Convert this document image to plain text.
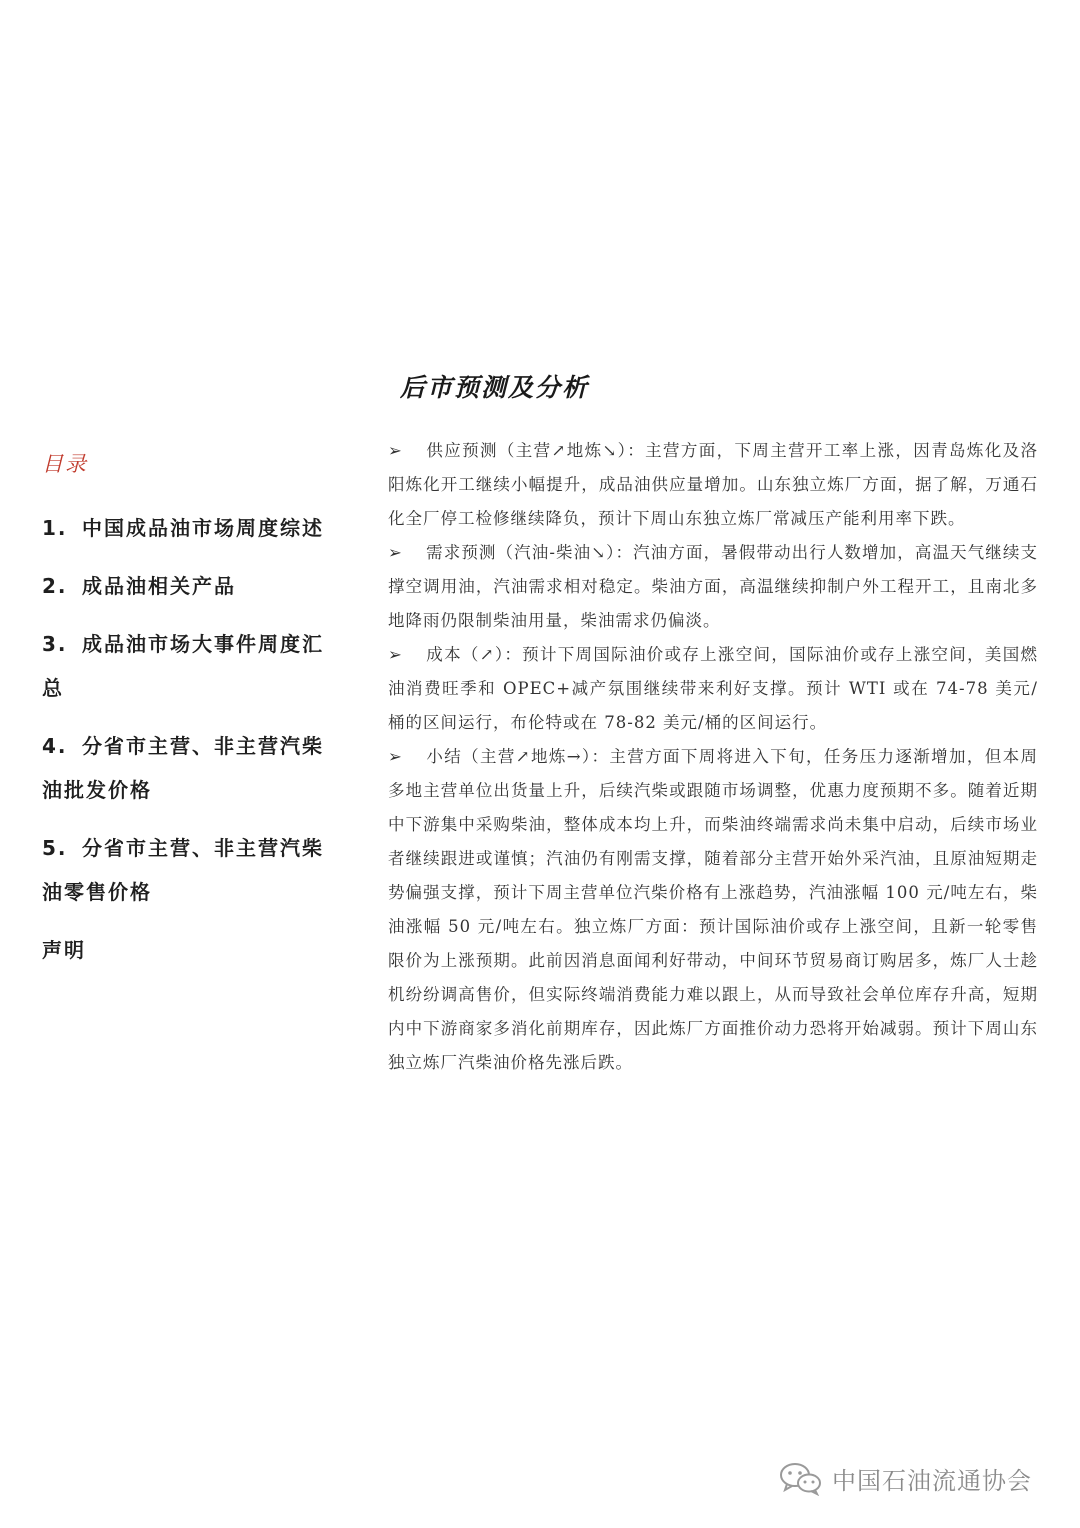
后市预测及分析

目录

1. 中国成品油市场周度综述
2. 成品油相关产品
3. 成品油市场大事件周度汇总
4. 分省市主营、非主营汽柴油批发价格
5. 分省市主营、非主营汽柴油零售价格
声明

➢ 供应预测（主营↗地炼↘）：主营方面，下周主营开工率上涨，因青岛炼化及洛阳炼化开工继续小幅提升，成品油供应量增加。山东独立炼厂方面，据了解，万通石化全厂停工检修继续降负，预计下周山东独立炼厂常减压产能利用率下跌。

➢ 需求预测（汽油-柴油↘）：汽油方面，暑假带动出行人数增加，高温天气继续支撑空调用油，汽油需求相对稳定。柴油方面，高温继续抑制户外工程开工，且南北多地降雨仍限制柴油用量，柴油需求仍偏淡。

➢ 成本（↗）：预计下周国际油价或存上涨空间，国际油价或存上涨空间，美国燃油消费旺季和 OPEC+减产氛围继续带来利好支撑。预计 WTI 或在 74-78 美元/桶的区间运行，布伦特或在 78-82 美元/桶的区间运行。

➢ 小结（主营↗地炼→）：主营方面下周将进入下旬，任务压力逐渐增加，但本周多地主营单位出货量上升，后续汽柴或跟随市场调整，优惠力度预期不多。随着近期中下游集中采购柴油，整体成本均上升，而柴油终端需求尚未集中启动，后续市场业者继续跟进或谨慎；汽油仍有刚需支撑，随着部分主营开始外采汽油，且原油短期走势偏强支撑，预计下周主营单位汽柴价格有上涨趋势，汽油涨幅 100 元/吨左右，柴油涨幅 50 元/吨左右。独立炼厂方面：预计国际油价或存上涨空间，且新一轮零售限价为上涨预期。此前因消息面闻利好带动，中间环节贸易商订购居多，炼厂人士趁机纷纷调高售价，但实际终端消费能力难以跟上，从而导致社会单位库存升高，短期内中下游商家多消化前期库存，因此炼厂方面推价动力恐将开始减弱。预计下周山东独立炼厂汽柴油价格先涨后跌。

中国石油流通协会
